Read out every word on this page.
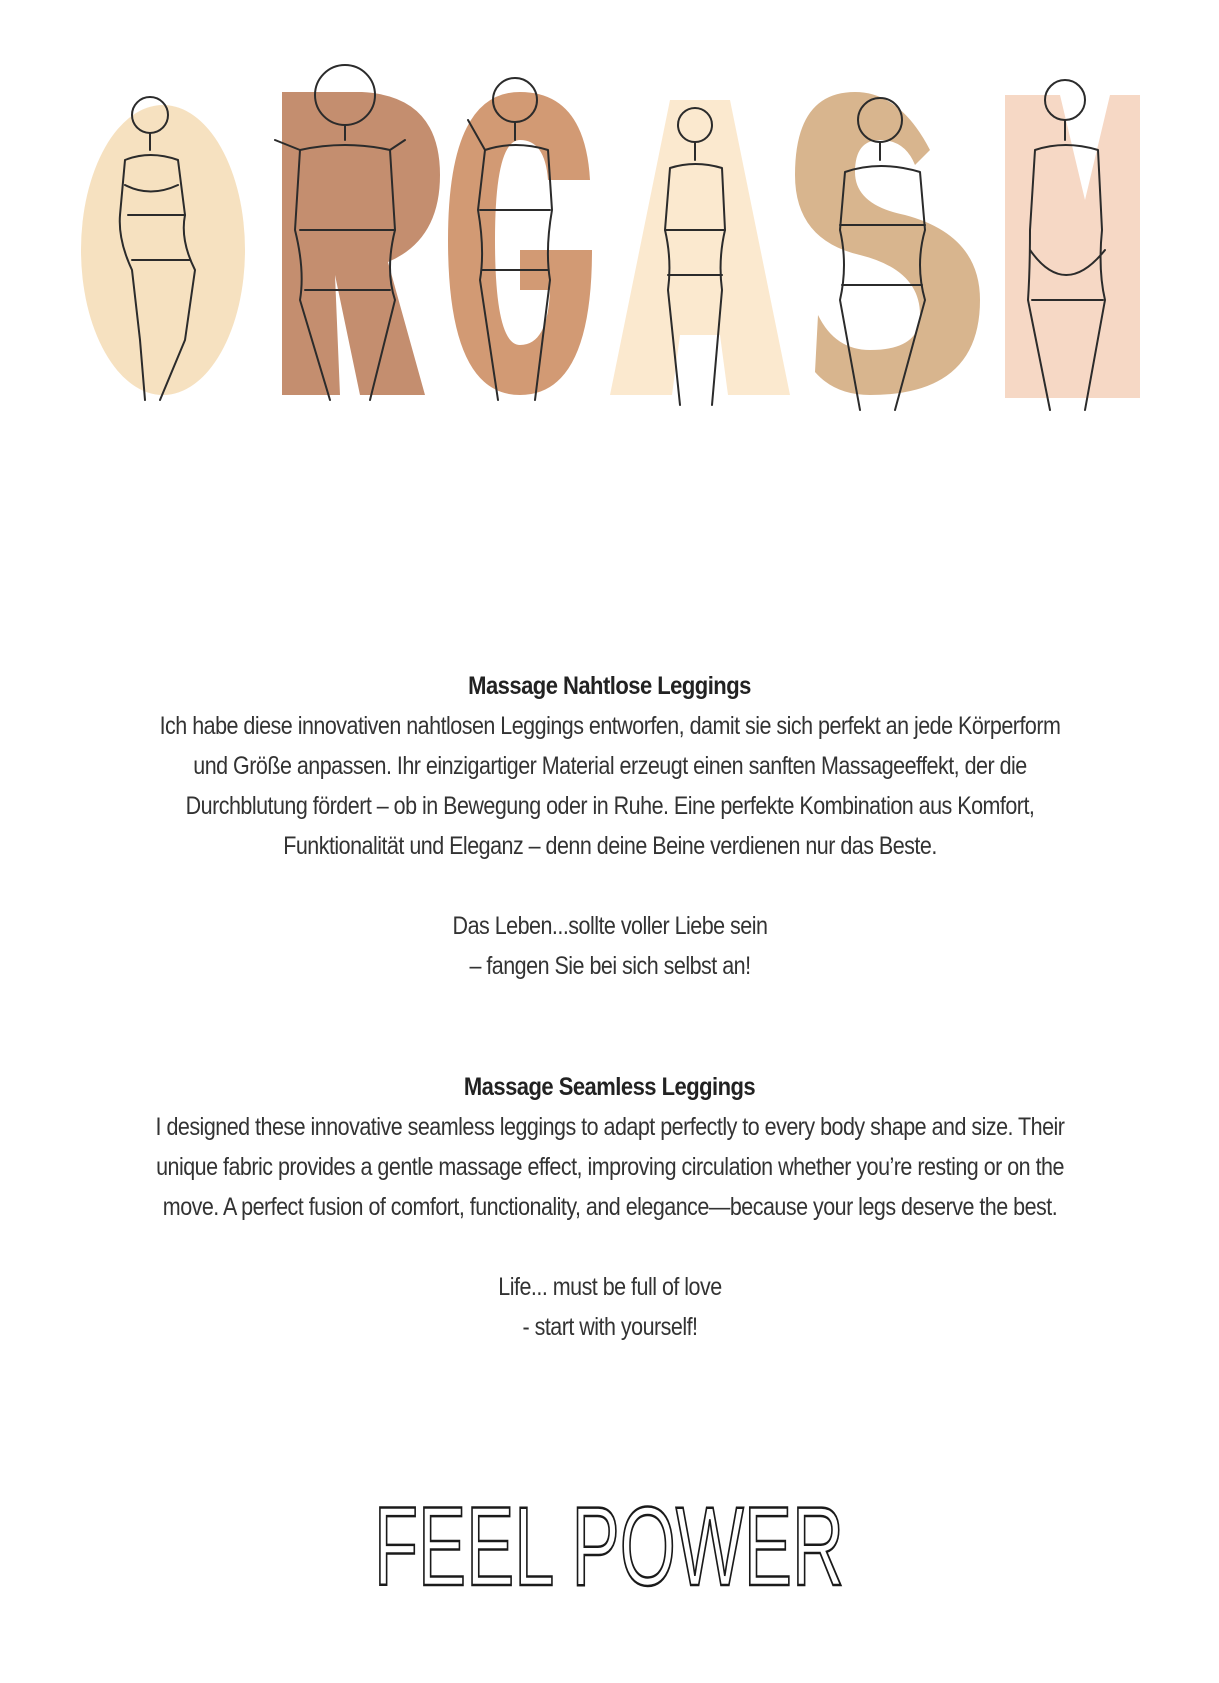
Massage Nahtlose Leggings
Ich habe diese innovativen nahtlosen Leggings entworfen, damit sie sich perfekt an jede Körperform
und Größe anpassen. Ihr einzigartiger Material erzeugt einen sanften Massageeffekt, der die
Durchblutung fördert – ob in Bewegung oder in Ruhe. Eine perfekte Kombination aus Komfort,
Funktionalität und Eleganz – denn deine Beine verdienen nur das Beste.
Das Leben...sollte voller Liebe sein
– fangen Sie bei sich selbst an!
Massage Seamless Leggings
I designed these innovative seamless leggings to adapt perfectly to every body shape and size. Their
unique fabric provides a gentle massage effect, improving circulation whether you’re resting or on the
move. A perfect fusion of comfort, functionality, and elegance—because your legs deserve the best.
Life... must be full of love
- start with yourself!
FEEL POWER
